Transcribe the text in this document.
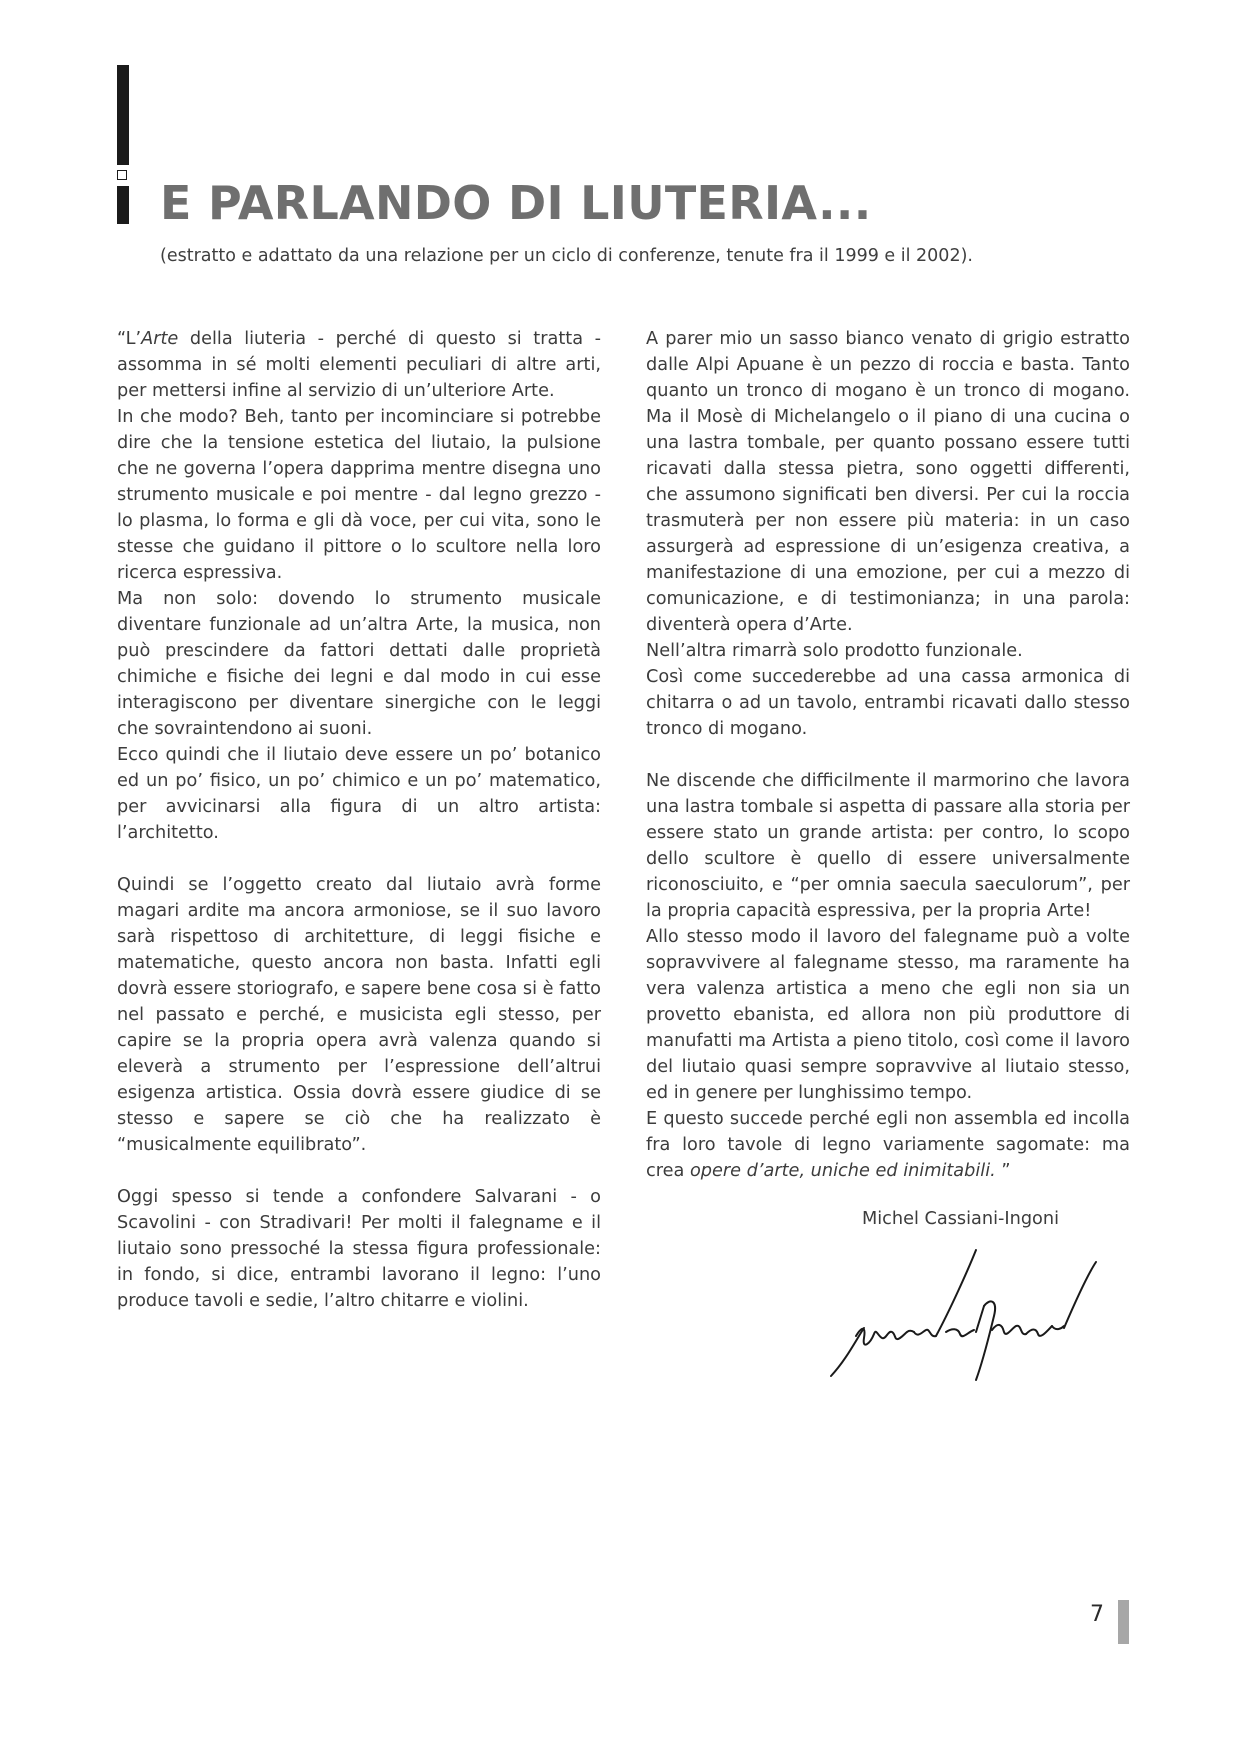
E PARLANDO DI LIUTERIA...

(estratto e adattato da una relazione per un ciclo di conferenze, tenute fra il 1999 e il 2002).

“L’Arte della liuteria - perché di questo si tratta - assomma in sé molti elementi peculiari di altre arti, per mettersi infine al servizio di un’ulteriore Arte.

In che modo? Beh, tanto per incominciare si potrebbe dire che la tensione estetica del liutaio, la pulsione che ne governa l’opera dapprima mentre disegna uno strumento musicale e poi mentre - dal legno grezzo - lo plasma, lo forma e gli dà voce, per cui vita, sono le stesse che guidano il pittore o lo scultore nella loro ricerca espressiva.

Ma non solo: dovendo lo strumento musicale diventare funzionale ad un’altra Arte, la musica, non può prescindere da fattori dettati dalle proprietà chimiche e fisiche dei legni e dal modo in cui esse interagiscono per diventare sinergiche con le leggi che sovraintendono ai suoni.

Ecco quindi che il liutaio deve essere un po’ botanico ed un po’ fisico, un po’ chimico e un po’ matematico, per avvicinarsi alla figura di un altro artista: l’architetto.

Quindi se l’oggetto creato dal liutaio avrà forme magari ardite ma ancora armoniose, se il suo lavoro sarà rispettoso di architetture, di leggi fisiche e matematiche, questo ancora non basta. Infatti egli dovrà essere storiografo, e sapere bene cosa si è fatto nel passato e perché, e musicista egli stesso, per capire se la propria opera avrà valenza quando si eleverà a strumento per l’espressione dell’altrui esigenza artistica. Ossia dovrà essere giudice di se stesso e sapere se ciò che ha realizzato è “musicalmente equilibrato”.

Oggi spesso si tende a confondere Salvarani - o Scavolini - con Stradivari! Per molti il falegname e il liutaio sono pressoché la stessa figura professionale: in fondo, si dice, entrambi lavorano il legno: l’uno produce tavoli e sedie, l’altro chitarre e violini.

A parer mio un sasso bianco venato di grigio estratto dalle Alpi Apuane è un pezzo di roccia e basta. Tanto quanto un tronco di mogano è un tronco di mogano. Ma il Mosè di Michelangelo o il piano di una cucina o una lastra tombale, per quanto possano essere tutti ricavati dalla stessa pietra, sono oggetti differenti, che assumono significati ben diversi. Per cui la roccia trasmuterà per non essere più materia: in un caso assurgerà ad espressione di un’esigenza creativa, a manifestazione di una emozione, per cui a mezzo di comunicazione, e di testimonianza; in una parola: diventerà opera d’Arte.

Nell’altra rimarrà solo prodotto funzionale.

Così come succederebbe ad una cassa armonica di chitarra o ad un tavolo, entrambi ricavati dallo stesso tronco di mogano.

Ne discende che difficilmente il marmorino che lavora una lastra tombale si aspetta di passare alla storia per essere stato un grande artista: per contro, lo scopo dello scultore è quello di essere universalmente riconosciuito, e “per omnia saecula saeculorum”, per la propria capacità espressiva, per la propria Arte!

Allo stesso modo il lavoro del falegname può a volte sopravvivere al falegname stesso, ma raramente ha vera valenza artistica a meno che egli non sia un provetto ebanista, ed allora non più produttore di manufatti ma Artista a pieno titolo, così come il lavoro del liutaio quasi sempre sopravvive al liutaio stesso, ed in genere per lunghissimo tempo.

E questo succede perché egli non assembla ed incolla fra loro tavole di legno variamente sagomate: ma crea opere d’arte, uniche ed inimitabili. ”

Michel Cassiani-Ingoni
7
